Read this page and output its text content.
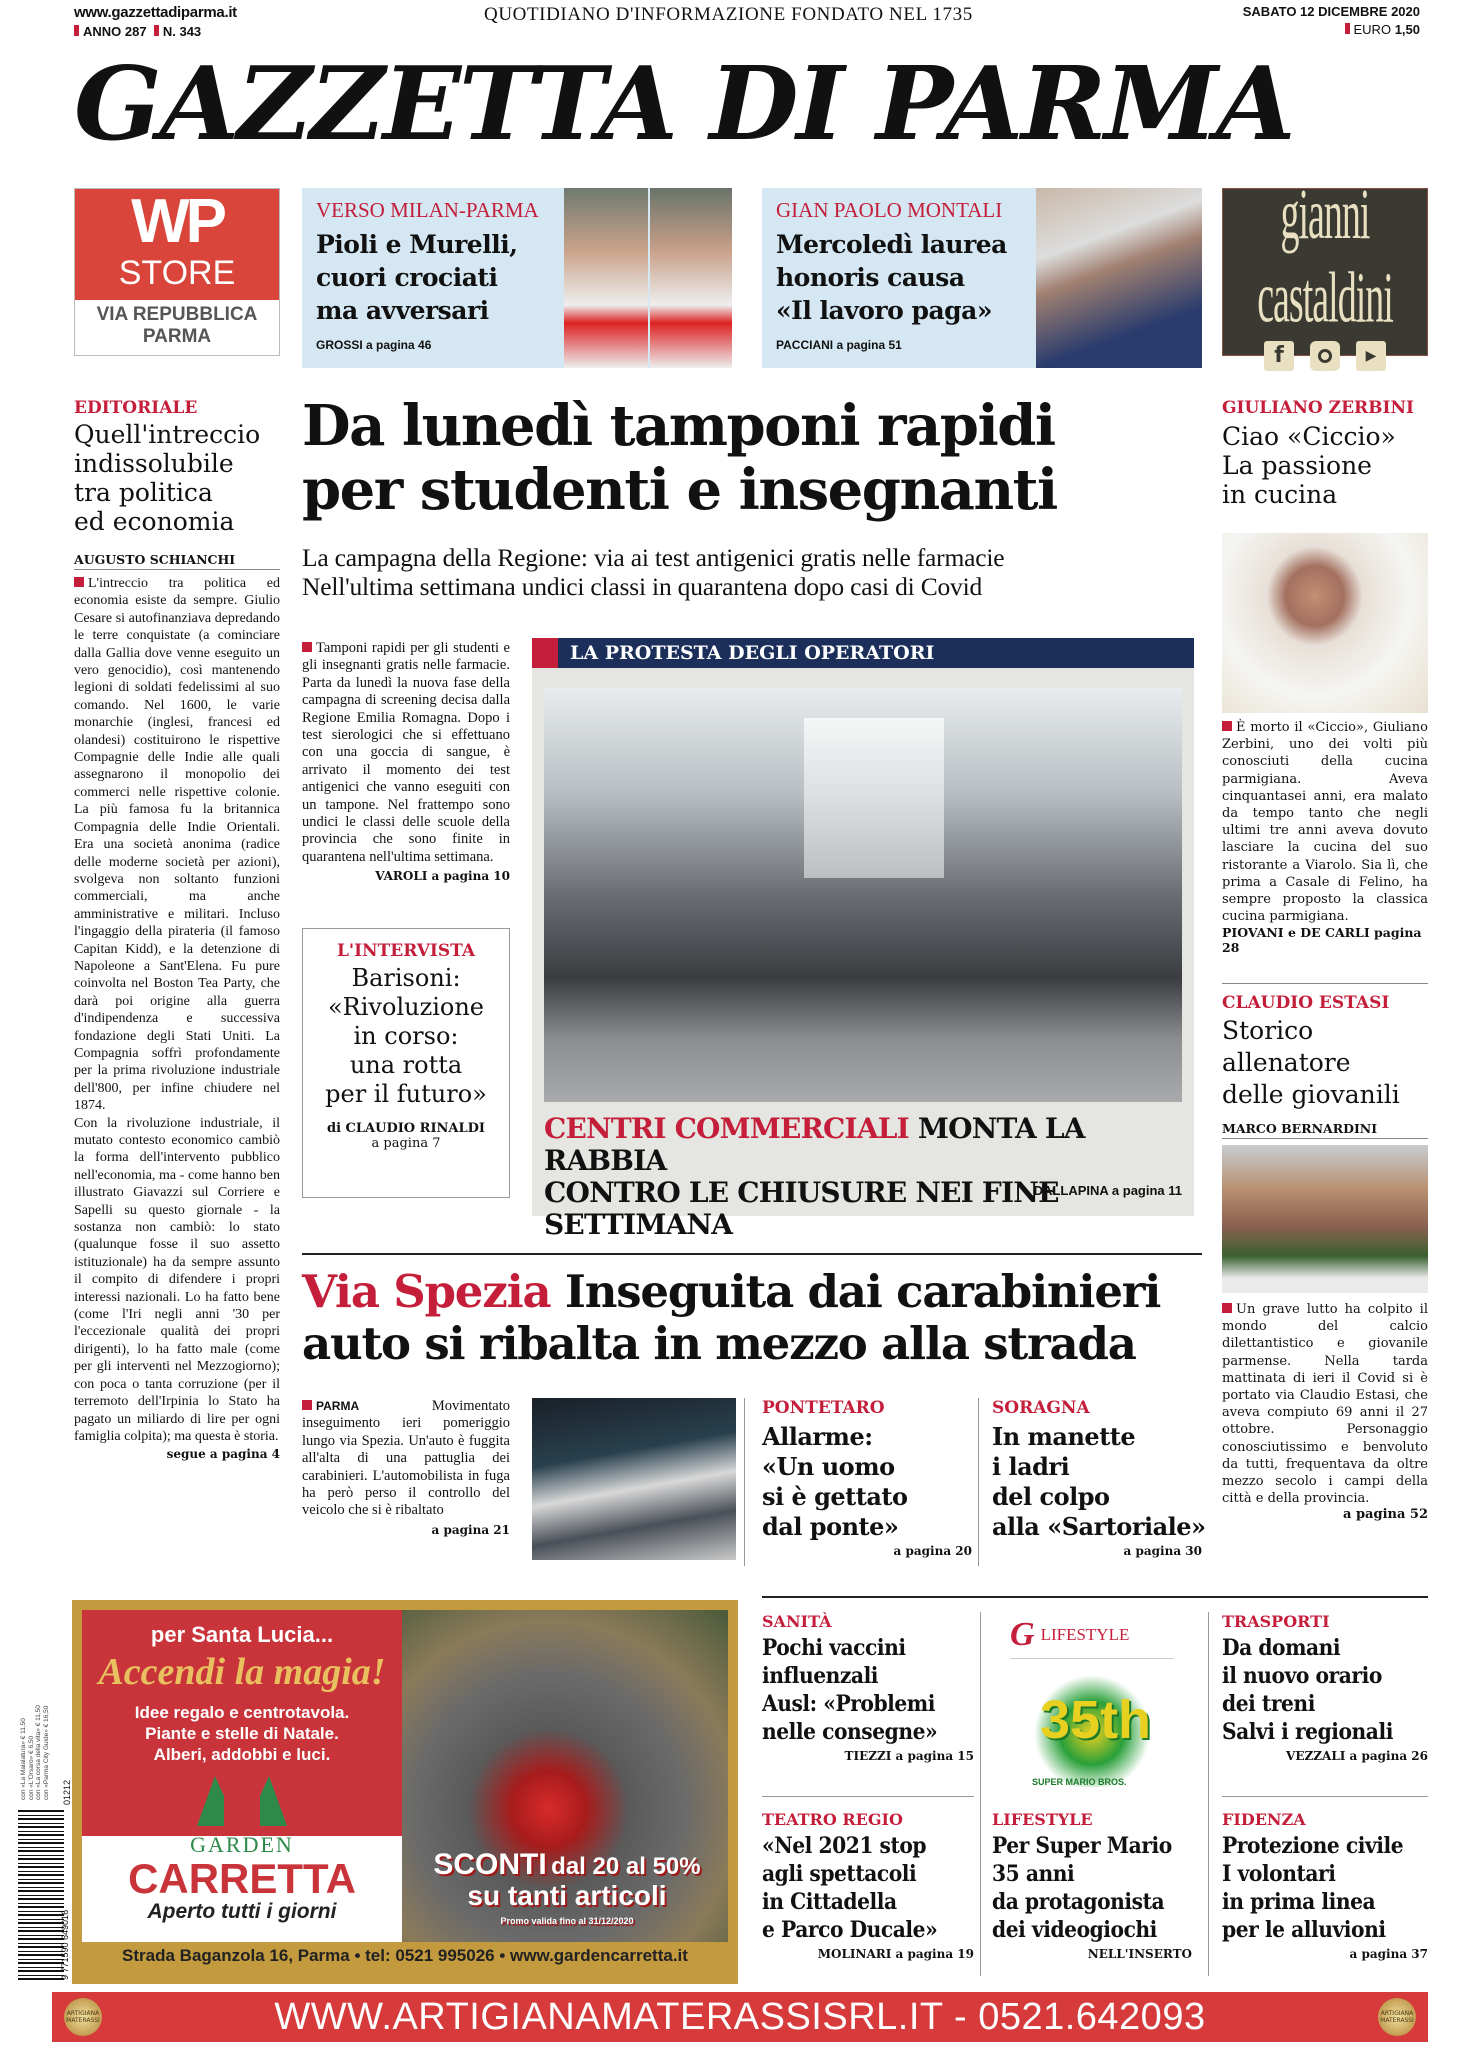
www.gazzettadiparma.it
ANNO 287 N. 343
QUOTIDIANO D'INFORMAZIONE FONDATO NEL 1735	SABATO 12 DICEMBRE 2020
EURO 1,50
GAZZETTA DI PARMA
WP
STORE
VIA REPUBBLICA
PARMA
VERSO MILAN-PARMA
Pioli e Murelli,
cuori crociati
ma avversari
GROSSI a pagina 46
GIAN PAOLO MONTALI
Mercoledì laurea
honoris causa
«Il lavoro paga»
PACCIANI a pagina 51
gianni castaldini
f	▶
EDITORIALE
Quell'intreccio
indissolubile
tra politica
ed economia
AUGUSTO SCHIANCHI
L'intreccio tra politica ed economia esiste da sempre. Giulio Cesare si autofinanziava depredando le terre conquistate (a cominciare dalla Gallia dove venne eseguito un vero genocidio), così mantenendo legioni di soldati fedelissimi al suo comando. Nel 1600, le varie monarchie (inglesi, francesi ed olandesi) costituirono le rispettive Compagnie delle Indie alle quali assegnarono il monopolio dei commerci nelle rispettive colonie. La più famosa fu la britannica Compagnia delle Indie Orientali. Era una società anonima (radice delle moderne società per azioni), svolgeva non soltanto funzioni commerciali, ma anche amministrative e militari. Incluso l'ingaggio della pirateria (il famoso Capitan Kidd), e la detenzione di Napoleone a Sant'Elena. Fu pure coinvolta nel Boston Tea Party, che darà poi origine alla guerra d'indipendenza e successiva fondazione degli Stati Uniti. La Compagnia soffrì profondamente per la prima rivoluzione industriale dell'800, per infine chiudere nel 1874.
Con la rivoluzione industriale, il mutato contesto economico cambiò la forma dell'intervento pubblico nell'economia, ma - come hanno ben illustrato Giavazzi sul Corriere e Sapelli su questo giornale - la sostanza non cambiò: lo stato (qualunque fosse il suo assetto istituzionale) ha da sempre assunto il compito di difendere i propri interessi nazionali. Lo ha fatto bene (come l'Iri negli anni '30 per l'eccezionale qualità dei propri dirigenti), lo ha fatto male (come per gli interventi nel Mezzogiorno); con poca o tanta corruzione (per il terremoto dell'Irpinia lo Stato ha pagato un miliardo di lire per ogni famiglia colpita); ma questa è storia.
segue a pagina 4
Da lunedì tamponi rapidi
per studenti e insegnanti
La campagna della Regione: via ai test antigenici gratis nelle farmacie
Nell'ultima settimana undici classi in quarantena dopo casi di Covid
Tamponi rapidi per gli studenti e gli insegnanti gratis nelle farmacie. Parta da lunedì la nuova fase della campagna di screening decisa dalla Regione Emilia Romagna. Dopo i test sierologici che si effettuano con una goccia di sangue, è arrivato il momento dei test antigenici che vanno eseguiti con un tampone. Nel frattempo sono undici le classi delle scuole della provincia che sono finite in quarantena nell'ultima settimana.
VAROLI a pagina 10
L'INTERVISTA
Barisoni:
«Rivoluzione
in corso:
una rotta
per il futuro»
di CLAUDIO RINALDI
a pagina 7
LA PROTESTA DEGLI OPERATORI
CENTRI COMMERCIALI MONTA LA RABBIA
CONTRO LE CHIUSURE NEI FINE SETTIMANA
DALLAPINA a pagina 11
GIULIANO ZERBINI
Ciao «Ciccio»
La passione
in cucina
È morto il «Ciccio», Giuliano Zerbini, uno dei volti più conosciuti della cucina parmigiana. Aveva cinquantasei anni, era malato da tempo tanto che negli ultimi tre anni aveva dovuto lasciare la cucina del suo ristorante a Viarolo. Sia lì, che prima a Casale di Felino, ha sempre proposto la classica cucina parmigiana.
PIOVANI e DE CARLI pagina 28
CLAUDIO ESTASI
Storico
allenatore
delle giovanili
MARCO BERNARDINI
Un grave lutto ha colpito il mondo del calcio dilettantistico e giovanile parmense. Nella tarda mattinata di ieri il Covid si è portato via Claudio Estasi, che aveva compiuto 69 anni il 27 ottobre. Personaggio conosciutissimo e benvoluto da tutti, frequentava da oltre mezzo secolo i campi della città e della provincia.
a pagina 52
Via Spezia Inseguita dai carabinieri
auto si ribalta in mezzo alla strada
PARMA	Movimentato inseguimento ieri pomeriggio lungo via Spezia. Un'auto è fuggita all'alta di una pattuglia dei carabinieri. L'automobilista in fuga ha però perso il controllo del veicolo che si è ribaltato
a pagina 21
PONTETARO
Allarme:
«Un uomo
si è gettato
dal ponte»
a pagina 20
SORAGNA
In manette
i ladri
del colpo
alla «Sartoriale»
a pagina 30
9 771590 649016
01212
con «La Maialatura» € 11,50 con «L'Orsaro» € 6,50 con «La corsa della vita» € 11,50 con «Parma City Guide» € 16,50
per Santa Lucia...
Accendi la magia!
Idee regalo e centrotavola.
Piante e stelle di Natale.
Alberi, addobbi e luci.
GARDEN
CARRETTA
Aperto tutti i giorni
SCONTI dal 20 al 50%
su tanti articoli
Promo valida fino al 31/12/2020
Strada Baganzola 16, Parma • tel: 0521 995026 • www.gardencarretta.it
SANITÀ
Pochi vaccini
influenzali
Ausl: «Problemi
nelle consegne»
TIEZZI a pagina 15
TEATRO REGIO
«Nel 2021 stop
agli spettacoli
in Cittadella
e Parco Ducale»
MOLINARI a pagina 19
G LIFESTYLE
35th
SUPER MARIO BROS.
LIFESTYLE
Per Super Mario
35 anni
da protagonista
dei videogiochi
NELL'INSERTO
TRASPORTI
Da domani
il nuovo orario
dei treni
Salvi i regionali
VEZZALI a pagina 26
FIDENZA
Protezione civile
I volontari
in prima linea
per le alluvioni
a pagina 37
ARTIGIANA MATERASSI	WWW.ARTIGIANAMATERASSISRL.IT - 0521.642093	ARTIGIANA MATERASSI
